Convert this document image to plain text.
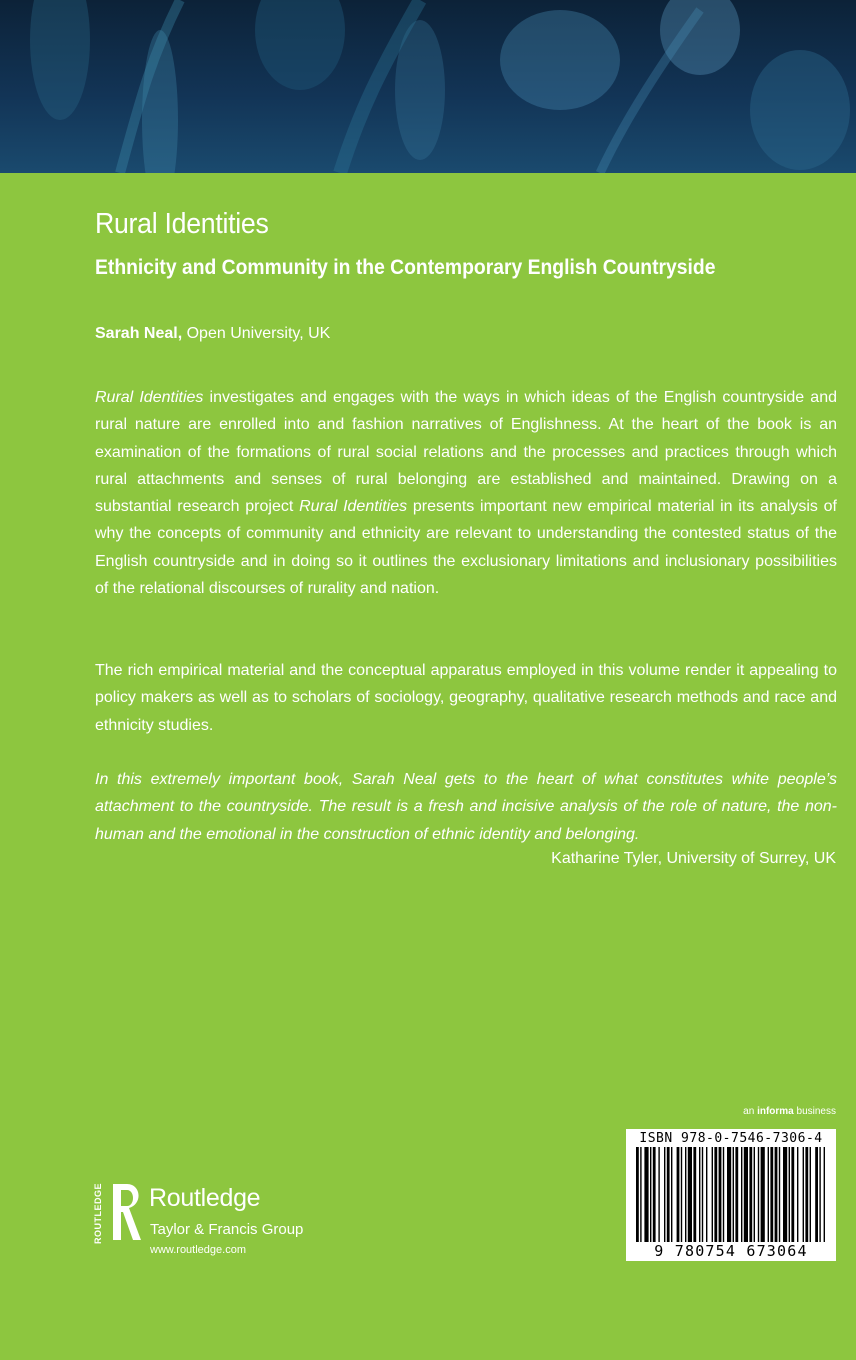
Rural Identities
Ethnicity and Community in the Contemporary English Countryside

Sarah Neal, Open University, UK

Rural Identities investigates and engages with the ways in which ideas of the English countryside and rural nature are enrolled into and fashion narratives of Englishness. At the heart of the book is an examination of the formations of rural social relations and the processes and practices through which rural attachments and senses of rural belonging are established and maintained. Drawing on a substantial research project Rural Identities presents important new empirical material in its analysis of why the concepts of community and ethnicity are relevant to understanding the contested status of the English countryside and in doing so it outlines the exclusionary limitations and inclusionary possibilities of the relational discourses of rurality and nation.

The rich empirical material and the conceptual apparatus employed in this volume render it appealing to policy makers as well as to scholars of sociology, geography, qualitative research methods and race and ethnicity studies.

In this extremely important book, Sarah Neal gets to the heart of what constitutes white people’s attachment to the countryside. The result is a fresh and incisive analysis of the role of nature, the non-human and the emotional in the construction of ethnic identity and belonging.

Katharine Tyler, University of Surrey, UK

an informa business
ISBN 978-0-7546-7306-4
9 780754 673064
ROUTLEDGE Routledge
Taylor & Francis Group
www.routledge.com
